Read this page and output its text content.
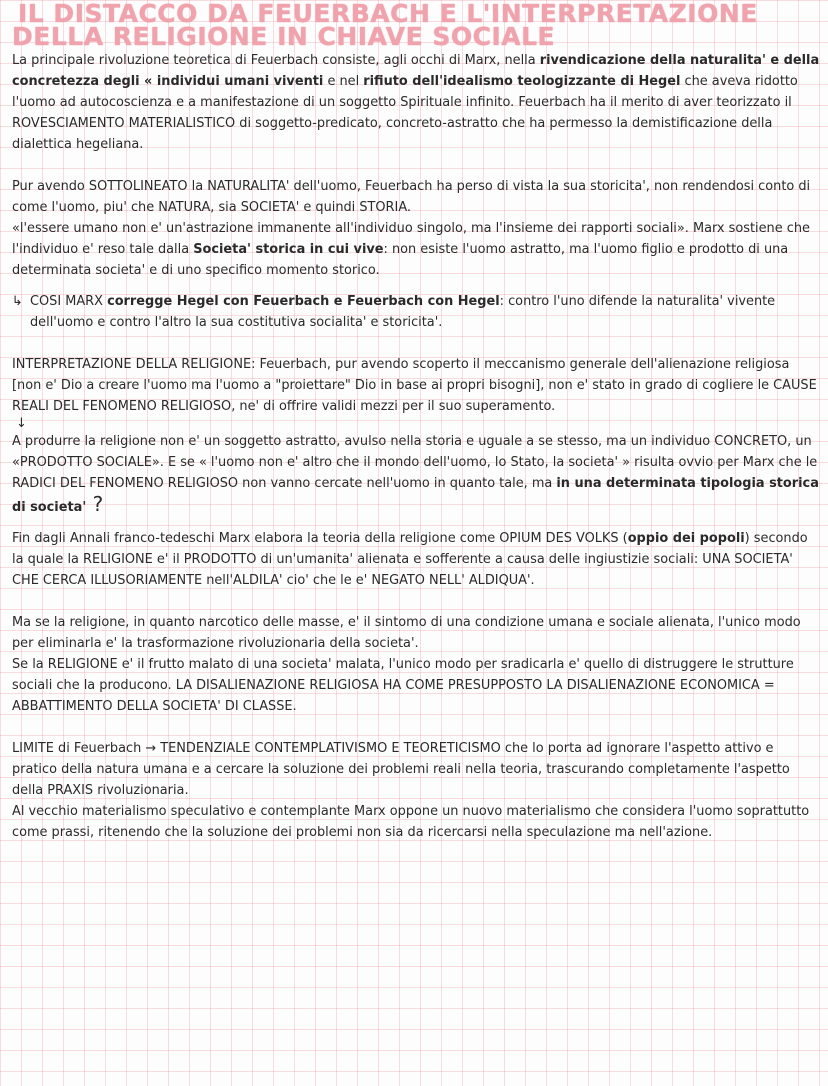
IL DISTACCO DA FEUERBACH E L'INTERPRETAZIONE
DELLA RELIGIONE IN CHIAVE SOCIALE

La principale rivoluzione teoretica di Feuerbach consiste, agli occhi di Marx, nella rivendicazione della naturalita' e della concretezza degli « individui umani viventi e nel rifiuto dell'idealismo teologizzante di Hegel che aveva ridotto l'uomo ad autocoscienza e a manifestazione di un soggetto Spirituale infinito. Feuerbach ha il merito di aver teorizzato il ROVESCIAMENTO MATERIALISTICO di soggetto-predicato, concreto-astratto che ha permesso la demistificazione della dialettica hegeliana.

Pur avendo SOTTOLINEATO la NATURALITA' dell'uomo, Feuerbach ha perso di vista la sua storicita', non rendendosi conto di come l'uomo, piu' che NATURA, sia SOCIETA' e quindi STORIA.
«l'essere umano non e' un'astrazione immanente all'individuo singolo, ma l'insieme dei rapporti sociali». Marx sostiene che l'individuo e' reso tale dalla Societa' storica in cui vive: non esiste l'uomo astratto, ma l'uomo figlio e prodotto di una determinata societa' e di uno specifico momento storico.

↳ COSI MARX corregge Hegel con Feuerbach e Feuerbach con Hegel: contro l'uno difende la naturalita' vivente dell'uomo e contro l'altro la sua costitutiva socialita' e storicita'.

INTERPRETAZIONE DELLA RELIGIONE: Feuerbach, pur avendo scoperto il meccanismo generale dell'alienazione religiosa [non e' Dio a creare l'uomo ma l'uomo a "proiettare" Dio in base ai propri bisogni], non e' stato in grado di cogliere le CAUSE REALI DEL FENOMENO RELIGIOSO, ne' di offrire validi mezzi per il suo superamento.

↓

A produrre la religione non e' un soggetto astratto, avulso nella storia e uguale a se stesso, ma un individuo CONCRETO, un «PRODOTTO SOCIALE». E se « l'uomo non e' altro che il mondo dell'uomo, lo Stato, la societa' » risulta ovvio per Marx che le RADICI DEL FENOMENO RELIGIOSO non vanno cercate nell'uomo in quanto tale, ma in una determinata tipologia storica di societa' ?

Fin dagli Annali franco-tedeschi Marx elabora la teoria della religione come OPIUM DES VOLKS (oppio dei popoli) secondo la quale la RELIGIONE e' il PRODOTTO di un'umanita' alienata e sofferente a causa delle ingiustizie sociali: UNA SOCIETA' CHE CERCA ILLUSORIAMENTE nell'ALDILA' cio' che le e' NEGATO NELL' ALDIQUA'.

Ma se la religione, in quanto narcotico delle masse, e' il sintomo di una condizione umana e sociale alienata, l'unico modo per eliminarla e' la trasformazione rivoluzionaria della societa'.
Se la RELIGIONE e' il frutto malato di una societa' malata, l'unico modo per sradicarla e' quello di distruggere le strutture sociali che la producono. LA DISALIENAZIONE RELIGIOSA HA COME PRESUPPOSTO LA DISALIENAZIONE ECONOMICA = ABBATTIMENTO DELLA SOCIETA' DI CLASSE.

LIMITE di Feuerbach → TENDENZIALE CONTEMPLATIVISMO E TEORETICISMO che lo porta ad ignorare l'aspetto attivo e pratico della natura umana e a cercare la soluzione dei problemi reali nella teoria, trascurando completamente l'aspetto della PRAXIS rivoluzionaria.
Al vecchio materialismo speculativo e contemplante Marx oppone un nuovo materialismo che considera l'uomo soprattutto come prassi, ritenendo che la soluzione dei problemi non sia da ricercarsi nella speculazione ma nell'azione.
